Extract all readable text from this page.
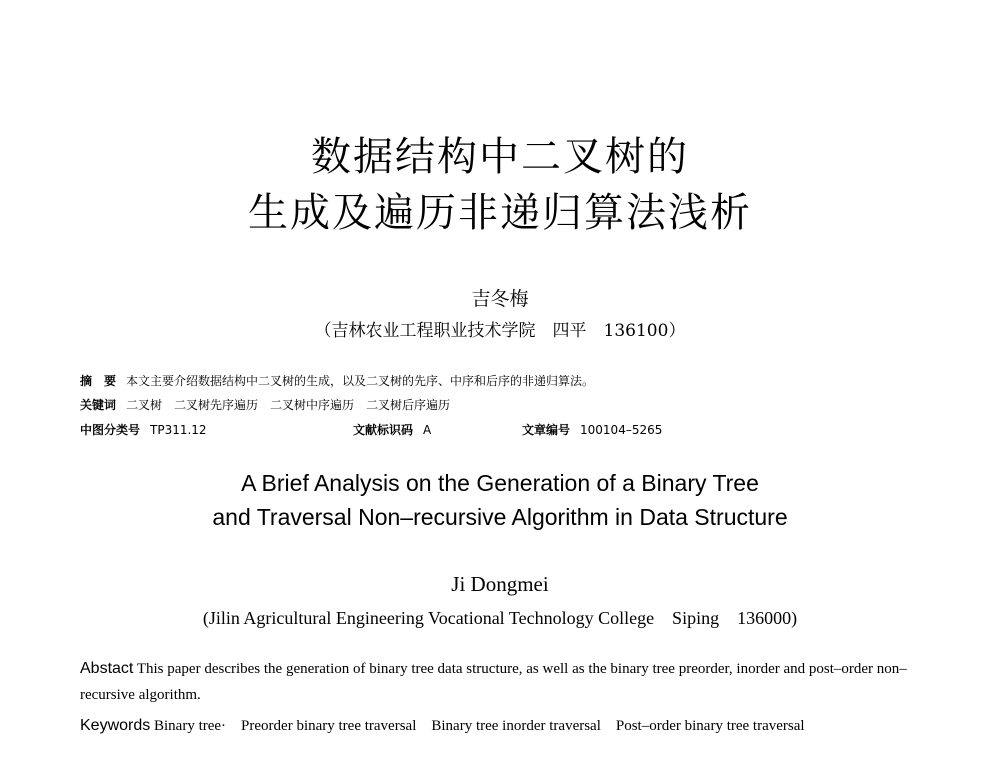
数据结构中二叉树的
生成及遍历非递归算法浅析
吉冬梅
（吉林农业工程职业技术学院　四平　136100）
摘　要 本文主要介绍数据结构中二叉树的生成，以及二叉树的先序、中序和后序的非递归算法。
关键词 二叉树　二叉树先序遍历　二叉树中序遍历　二叉树后序遍历
中图分类号 TP311.12	文献标识码 A	文章编号 100104–5265
A Brief Analysis on the Generation of a Binary Tree
and Traversal Non–recursive Algorithm in Data Structure
Ji Dongmei
(Jilin Agricultural Engineering Vocational Technology College　Siping　136000)
Abstact This paper describes the generation of binary tree data structure, as well as the binary tree preorder, inorder and post–order non–recursive algorithm.
Keywords Binary tree·　Preorder binary tree traversal　Binary tree inorder traversal　Post–order binary tree traversal
